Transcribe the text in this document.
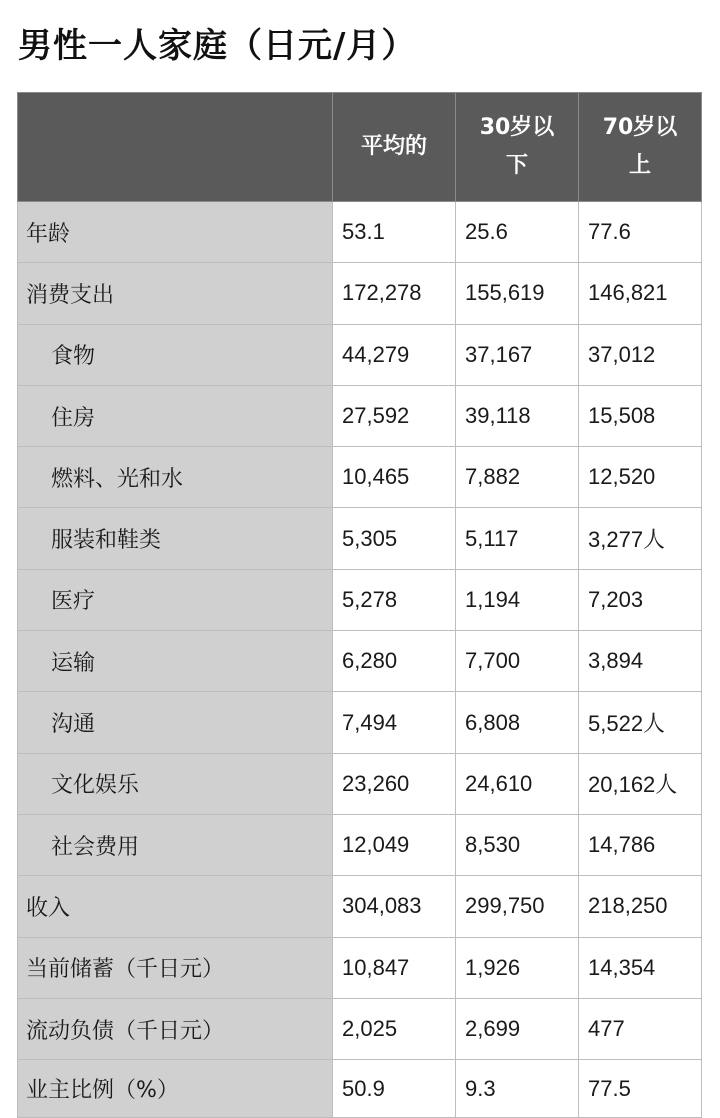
男性一人家庭（日元/月）
	平均的	30岁以下	70岁以上
年龄	53.1	25.6	77.6
消费支出	172,278	155,619	146,821
食物	44,279	37,167	37,012
住房	27,592	39,118	15,508
燃料、光和水	10,465	7,882	12,520
服装和鞋类	5,305	5,117	3,277人
医疗	5,278	1,194	7,203
运输	6,280	7,700	3,894
沟通	7,494	6,808	5,522人
文化娱乐	23,260	24,610	20,162人
社会费用	12,049	8,530	14,786
收入	304,083	299,750	218,250
当前储蓄（千日元）	10,847	1,926	14,354
流动负债（千日元）	2,025	2,699	477
业主比例（%）	50.9	9.3	77.5
